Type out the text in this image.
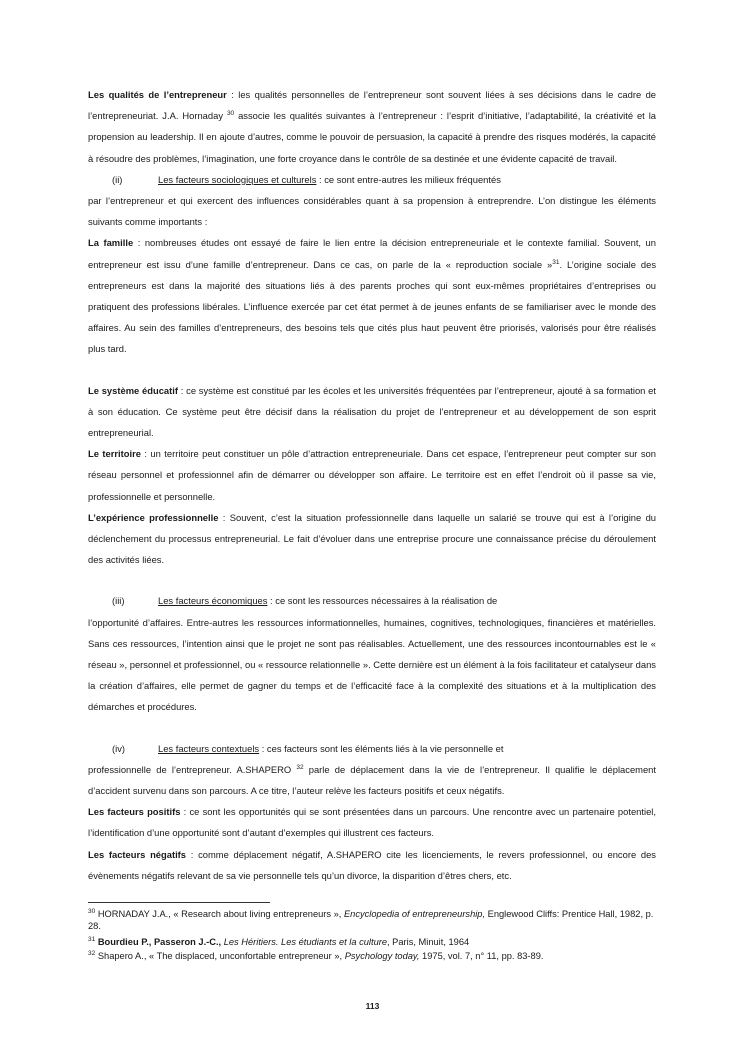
Les qualités de l’entrepreneur : les qualités personnelles de l’entrepreneur sont souvent liées à ses décisions dans le cadre de l’entrepreneuriat. J.A. Hornaday $^{30}$ associe les qualités suivantes à l’entrepreneur : l’esprit d’initiative, l’adaptabilité, la créativité et la propension au leadership. Il en ajoute d’autres, comme le pouvoir de persuasion, la capacité à prendre des risques modérés, la capacité à résoudre des problèmes, l’imagination, une forte croyance dans le contrôle de sa destinée et une évidente capacité de travail.

(ii)	Les facteurs sociologiques et culturels : ce sont entre-autres les milieux fréquentés

par l’entrepreneur et qui exercent des influences considérables quant à sa propension à entreprendre. L’on distingue les éléments suivants comme importants :

La famille : nombreuses études ont essayé de faire le lien entre la décision entrepreneuriale et le contexte familial. Souvent, un entrepreneur est issu d’une famille d’entrepreneur. Dans ce cas, on parle de la « reproduction sociale »$^{31}$. L’origine sociale des entrepreneurs est dans la majorité des situations liés à des parents proches qui sont eux-mêmes propriétaires d’entreprises ou pratiquent des professions libérales. L’influence exercée par cet état permet à de jeunes enfants de se familiariser avec le monde des affaires. Au sein des familles d’entrepreneurs, des besoins tels que cités plus haut peuvent être priorisés, valorisés pour être réalisés plus tard.

Le système éducatif : ce système est constitué par les écoles et les universités fréquentées par l’entrepreneur, ajouté à sa formation et à son éducation. Ce système peut être décisif dans la réalisation du projet de l’entrepreneur et au développement de son esprit entrepreneurial.

Le territoire : un territoire peut constituer un pôle d’attraction entrepreneuriale. Dans cet espace, l’entrepreneur peut compter sur son réseau personnel et professionnel afin de démarrer ou développer son affaire. Le territoire est en effet l’endroit où il passe sa vie, professionnelle et personnelle.

L’expérience professionnelle : Souvent, c’est la situation professionnelle dans laquelle un salarié se trouve qui est à l’origine du déclenchement du processus entrepreneurial. Le fait d’évoluer dans une entreprise procure une connaissance précise du déroulement des activités liées.

(iii)	Les facteurs économiques : ce sont les ressources nécessaires à la réalisation de

l’opportunité d’affaires. Entre-autres les ressources informationnelles, humaines, cognitives, technologiques, financières et matérielles. Sans ces ressources, l’intention ainsi que le projet ne sont pas réalisables. Actuellement, une des ressources incontournables est le « réseau », personnel et professionnel, ou « ressource relationnelle ». Cette dernière est un élément à la fois facilitateur et catalyseur dans la création d’affaires, elle permet de gagner du temps et de l’efficacité face à la complexité des situations et à la multiplication des démarches et procédures.

(iv)	Les facteurs contextuels : ces facteurs sont les éléments liés à la vie personnelle et

professionnelle de l’entrepreneur. A.SHAPERO $^{32}$ parle de déplacement dans la vie de l’entrepreneur. Il qualifie le déplacement d’accident survenu dans son parcours. A ce titre, l’auteur relève les facteurs positifs et ceux négatifs.

Les facteurs positifs : ce sont les opportunités qui se sont présentées dans un parcours. Une rencontre avec un partenaire potentiel, l’identification d’une opportunité sont d’autant d’exemples qui illustrent ces facteurs.

Les facteurs négatifs : comme déplacement négatif, A.SHAPERO cite les licenciements, le revers professionnel, ou encore des évènements négatifs relevant de sa vie personnelle tels qu’un divorce, la disparition d’êtres chers, etc.

$^{30}$ HORNADAY J.A., « Research about living entrepreneurs », Encyclopedia of entrepreneurship, Englewood Cliffs: Prentice Hall, 1982, p. 28.

$^{31}$ Bourdieu P., Passeron J.-C., Les Héritiers. Les étudiants et la culture, Paris, Minuit, 1964

$^{32}$ Shapero A., « The displaced, unconfortable entrepreneur », Psychology today, 1975, vol. 7, n° 11, pp. 83-89.

113
